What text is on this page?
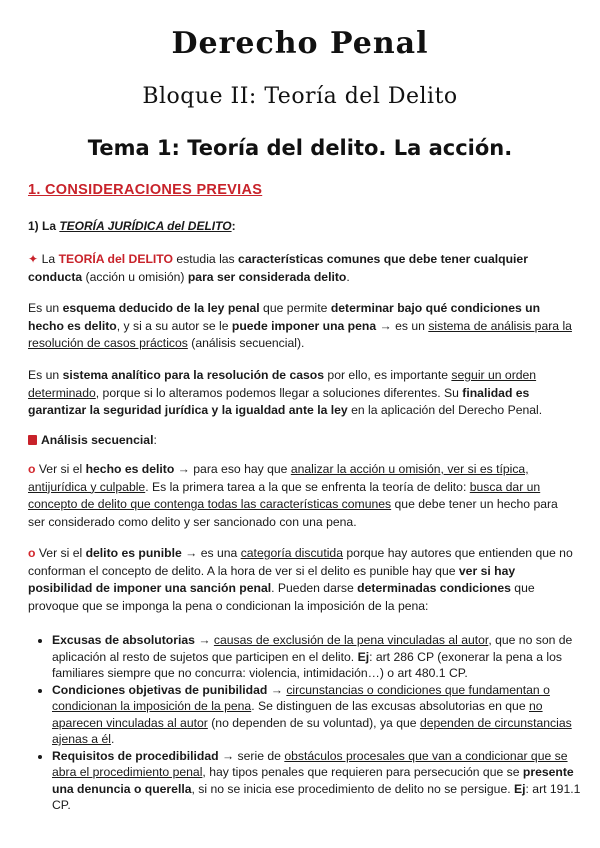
Derecho Penal
Bloque II: Teoría del Delito
Tema 1: Teoría del delito. La acción.
1. CONSIDERACIONES PREVIAS
1) La TEORÍA JURÍDICA del DELITO:

✦ La TEORÍA del DELITO estudia las características comunes que debe tener cualquier conducta (acción u omisión) para ser considerada delito.

Es un esquema deducido de la ley penal que permite determinar bajo qué condiciones un hecho es delito, y si a su autor se le puede imponer una pena → es un sistema de análisis para la resolución de casos prácticos (análisis secuencial).

Es un sistema analítico para la resolución de casos por ello, es importante seguir un orden determinado, porque si lo alteramos podemos llegar a soluciones diferentes. Su finalidad es garantizar la seguridad jurídica y la igualdad ante la ley en la aplicación del Derecho Penal.

Análisis secuencial:

o Ver si el hecho es delito → para eso hay que analizar la acción u omisión, ver si es típica, antijurídica y culpable. Es la primera tarea a la que se enfrenta la teoría de delito: busca dar un concepto de delito que contenga todas las características comunes que debe tener un hecho para ser considerado como delito y ser sancionado con una pena.

o Ver si el delito es punible → es una categoría discutida porque hay autores que entienden que no conforman el concepto de delito. A la hora de ver si el delito es punible hay que ver si hay posibilidad de imponer una sanción penal. Pueden darse determinadas condiciones que provoque que se imponga la pena o condicionan la imposición de la pena:

• Excusas de absolutorias → causas de exclusión de la pena vinculadas al autor, que no son de aplicación al resto de sujetos que participen en el delito. Ej: art 286 CP (exonerar la pena a los familiares siempre que no concurra: violencia, intimidación…) o art 480.1 CP.
• Condiciones objetivas de punibilidad → circunstancias o condiciones que fundamentan o condicionan la imposición de la pena. Se distinguen de las excusas absolutorias en que no aparecen vinculadas al autor (no dependen de su voluntad), ya que dependen de circunstancias ajenas a él.
• Requisitos de procedibilidad → serie de obstáculos procesales que van a condicionar que se abra el procedimiento penal, hay tipos penales que requieren para persecución que se presente una denuncia o querella, si no se inicia ese procedimiento de delito no se persigue. Ej: art 191.1 CP.
